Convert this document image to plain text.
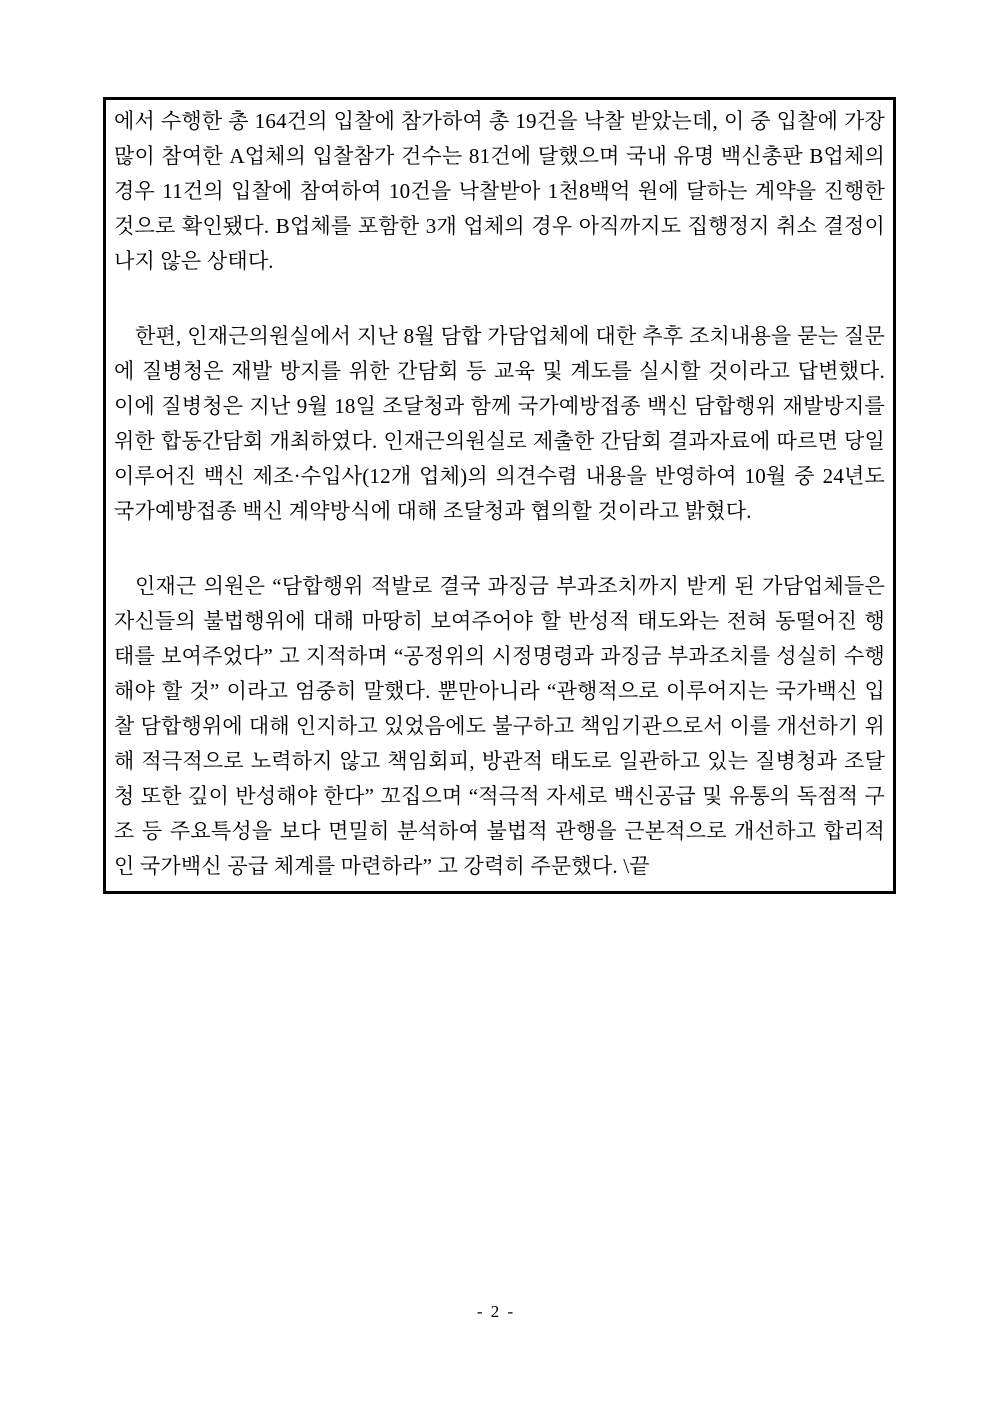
에서 수행한 총 164건의 입찰에 참가하여 총 19건을 낙찰 받았는데, 이 중 입찰에 가장 많이 참여한 A업체의 입찰참가 건수는 81건에 달했으며 국내 유명 백신총판 B업체의 경우 11건의 입찰에 참여하여 10건을 낙찰받아 1천8백억 원에 달하는 계약을 진행한 것으로 확인됐다. B업체를 포함한 3개 업체의 경우 아직까지도 집행정지 취소 결정이 나지 않은 상태다.

한편, 인재근의원실에서 지난 8월 담합 가담업체에 대한 추후 조치내용을 묻는 질문에 질병청은 재발 방지를 위한 간담회 등 교육 및 계도를 실시할 것이라고 답변했다. 이에 질병청은 지난 9월 18일 조달청과 함께 국가예방접종 백신 담합행위 재발방지를 위한 합동간담회 개최하였다. 인재근의원실로 제출한 간담회 결과자료에 따르면 당일 이루어진 백신 제조·수입사(12개 업체)의 의견수렴 내용을 반영하여 10월 중 24년도 국가예방접종 백신 계약방식에 대해 조달청과 협의할 것이라고 밝혔다.

인재근 의원은 “담합행위 적발로 결국 과징금 부과조치까지 받게 된 가담업체들은 자신들의 불법행위에 대해 마땅히 보여주어야 할 반성적 태도와는 전혀 동떨어진 행태를 보여주었다” 고 지적하며 “공정위의 시정명령과 과징금 부과조치를 성실히 수행해야 할 것” 이라고 엄중히 말했다. 뿐만아니라 “관행적으로 이루어지는 국가백신 입찰 담합행위에 대해 인지하고 있었음에도 불구하고 책임기관으로서 이를 개선하기 위해 적극적으로 노력하지 않고 책임회피, 방관적 태도로 일관하고 있는 질병청과 조달청 또한 깊이 반성해야 한다” 꼬집으며 “적극적 자세로 백신공급 및 유통의 독점적 구조 등 주요특성을 보다 면밀히 분석하여 불법적 관행을 근본적으로 개선하고 합리적인 국가백신 공급 체계를 마련하라” 고 강력히 주문했다. \끝

- 2 -
